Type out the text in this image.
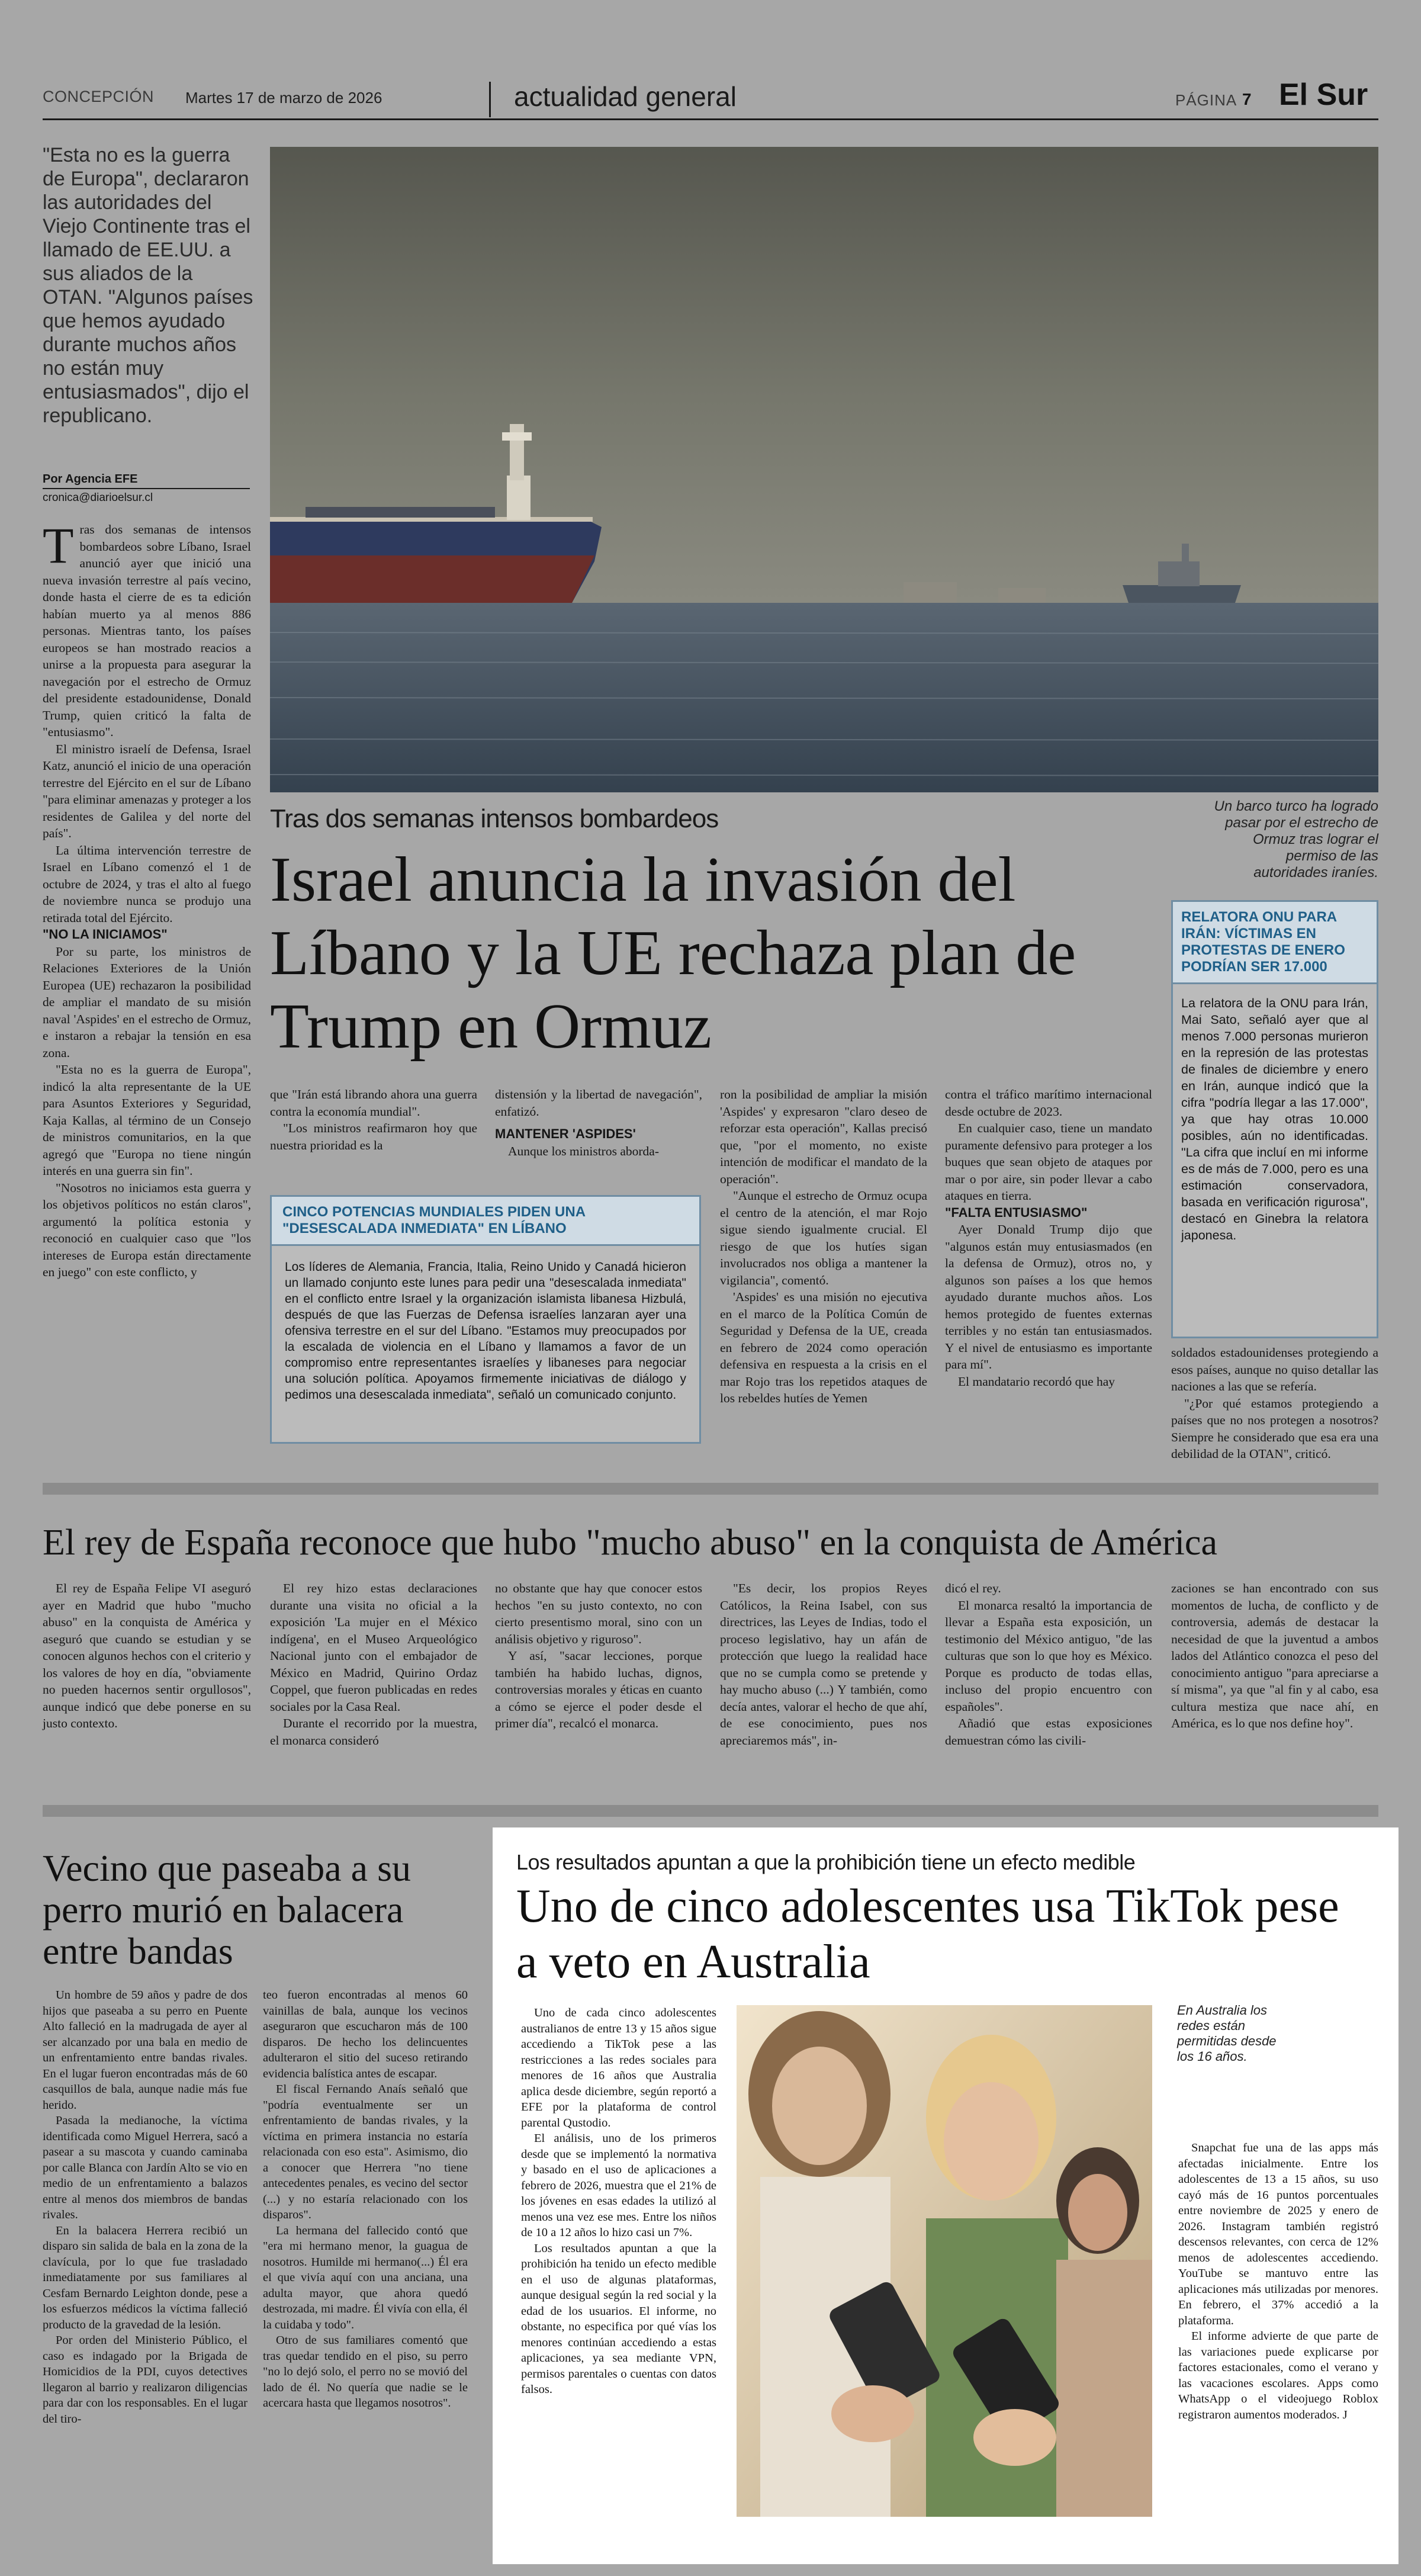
CONCEPCIÓN Martes 17 de marzo de 2026	actualidad general	PÁGINA 7 El Sur
"Esta no es la guerra de Europa", declararon las autoridades del Viejo Continente tras el llamado de EE.UU. a sus aliados de la OTAN. "Algunos países que hemos ayudado durante muchos años no están muy entusiasmados", dijo el republicano.
Por Agencia EFE
cronica@diarioelsur.cl
T ras dos semanas de intensos bombardeos sobre Líbano, Israel anunció ayer que inició una nueva invasión terrestre al país vecino, donde hasta el cierre de es ta edición habían muerto ya al menos 886 personas. Mientras tanto, los países europeos se han mostrado reacios a unirse a la propuesta para asegurar la navegación por el estrecho de Ormuz del presidente estadounidense, Donald Trump, quien criticó la falta de "entusiasmo".

El ministro israelí de Defensa, Israel Katz, anunció el inicio de una operación terrestre del Ejército en el sur de Líbano "para eliminar amenazas y proteger a los residentes de Galilea y del norte del país".

La última intervención terrestre de Israel en Líbano comenzó el 1 de octubre de 2024, y tras el alto al fuego de noviembre nunca se produjo una retirada total del Ejército.

"NO LA INICIAMOS"

Por su parte, los ministros de Relaciones Exteriores de la Unión Europea (UE) rechazaron la posibilidad de ampliar el mandato de su misión naval 'Aspides' en el estrecho de Ormuz, e instaron a rebajar la tensión en esa zona.

"Esta no es la guerra de Europa", indicó la alta representante de la UE para Asuntos Exteriores y Seguridad, Kaja Kallas, al término de un Consejo de ministros comunitarios, en la que agregó que "Europa no tiene ningún interés en una guerra sin fin".

"Nosotros no iniciamos esta guerra y los objetivos políticos no están claros", argumentó la política estonia y reconoció en cualquier caso que "los intereses de Europa están directamente en juego" con este conflicto, y

Un barco turco ha logrado pasar por el estrecho de Ormuz tras lograr el permiso de las autoridades iraníes.
Tras dos semanas intensos bombardeos
Israel anuncia la invasión del Líbano y la UE rechaza plan de Trump en Ormuz
RELATORA ONU PARA IRÁN: VÍCTIMAS EN PROTESTAS DE ENERO PODRÍAN SER 17.000
La relatora de la ONU para Irán, Mai Sato, señaló ayer que al menos 7.000 personas murieron en la represión de las protestas de finales de diciembre y enero en Irán, aunque indicó que la cifra "podría llegar a las 17.000", ya que hay otras 10.000 posibles, aún no identificadas. "La cifra que incluí en mi informe es de más de 7.000, pero es una estimación conservadora, basada en verificación rigurosa", destacó en Ginebra la relatora japonesa.

que "Irán está librando ahora una guerra contra la economía mundial".

"Los ministros reafirmaron hoy que nuestra prioridad es la

distensión y la libertad de navegación", enfatizó.

MANTENER 'ASPIDES'

Aunque los ministros aborda-

ron la posibilidad de ampliar la misión 'Aspides' y expresaron "claro deseo de reforzar esta operación", Kallas precisó que, "por el momento, no existe intención de modificar el mandato de la operación".

"Aunque el estrecho de Ormuz ocupa el centro de la atención, el mar Rojo sigue siendo igualmente crucial. El riesgo de que los hutíes sigan involucrados nos obliga a mantener la vigilancia", comentó.

'Aspides' es una misión no ejecutiva en el marco de la Política Común de Seguridad y Defensa de la UE, creada en febrero de 2024 como operación defensiva en respuesta a la crisis en el mar Rojo tras los repetidos ataques de los rebeldes hutíes de Yemen

contra el tráfico marítimo internacional desde octubre de 2023.

En cualquier caso, tiene un mandato puramente defensivo para proteger a los buques que sean objeto de ataques por mar o por aire, sin poder llevar a cabo ataques en tierra.

"FALTA ENTUSIASMO"

Ayer Donald Trump dijo que "algunos están muy entusiasmados (en la defensa de Ormuz), otros no, y algunos son países a los que hemos ayudado durante muchos años. Los hemos protegido de fuentes externas terribles y no están tan entusiasmados. Y el nivel de entusiasmo es importante para mí".

El mandatario recordó que hay

soldados estadounidenses protegiendo a esos países, aunque no quiso detallar las naciones a las que se refería.

"¿Por qué estamos protegiendo a países que no nos protegen a nosotros? Siempre he considerado que esa era una debilidad de la OTAN", criticó.

CINCO POTENCIAS MUNDIALES PIDEN UNA "DESESCALADA INMEDIATA" EN LÍBANO
Los líderes de Alemania, Francia, Italia, Reino Unido y Canadá hicieron un llamado conjunto este lunes para pedir una "desescalada inmediata" en el conflicto entre Israel y la organización islamista libanesa Hizbulá, después de que las Fuerzas de Defensa israelíes lanzaran ayer una ofensiva terrestre en el sur del Líbano. "Estamos muy preocupados por la escalada de violencia en el Líbano y llamamos a favor de un compromiso entre representantes israelíes y libaneses para negociar una solución política. Apoyamos firmemente iniciativas de diálogo y pedimos una desescalada inmediata", señaló un comunicado conjunto.
El rey de España reconoce que hubo "mucho abuso" en la conquista de América

El rey de España Felipe VI aseguró ayer en Madrid que hubo "mucho abuso" en la conquista de América y aseguró que cuando se estudian y se conocen algunos hechos con el criterio y los valores de hoy en día, "obviamente no pueden hacernos sentir orgullosos", aunque indicó que debe ponerse en su justo contexto.

El rey hizo estas declaraciones durante una visita no oficial a la exposición 'La mujer en el México indígena', en el Museo Arqueológico Nacional junto con el embajador de México en Madrid, Quirino Ordaz Coppel, que fueron publicadas en redes sociales por la Casa Real.

Durante el recorrido por la muestra, el monarca consideró

no obstante que hay que conocer estos hechos "en su justo contexto, no con cierto presentismo moral, sino con un análisis objetivo y riguroso".

Y así, "sacar lecciones, porque también ha habido luchas, dignos, controversias morales y éticas en cuanto a cómo se ejerce el poder desde el primer día", recalcó el monarca.

"Es decir, los propios Reyes Católicos, la Reina Isabel, con sus directrices, las Leyes de Indias, todo el proceso legislativo, hay un afán de protección que luego la realidad hace que no se cumpla como se pretende y hay mucho abuso (...) Y también, como decía antes, valorar el hecho de que ahí, de ese conocimiento, pues nos apreciaremos más", in-

dicó el rey.

El monarca resaltó la importancia de llevar a España esta exposición, un testimonio del México antiguo, "de las culturas que son lo que hoy es México. Porque es producto de todas ellas, incluso del propio encuentro con españoles".

Añadió que estas exposiciones demuestran cómo las civili-

zaciones se han encontrado con sus momentos de lucha, de conflicto y de controversia, además de destacar la necesidad de que la juventud a ambos lados del Atlántico conozca el peso del conocimiento antiguo "para apreciarse a sí misma", ya que "al fin y al cabo, esa cultura mestiza que nace ahí, en América, es lo que nos define hoy".

Vecino que paseaba a su perro murió en balacera entre bandas

Un hombre de 59 años y padre de dos hijos que paseaba a su perro en Puente Alto falleció en la madrugada de ayer al ser alcanzado por una bala en medio de un enfrentamiento entre bandas rivales. En el lugar fueron encontradas más de 60 casquillos de bala, aunque nadie más fue herido.

Pasada la medianoche, la víctima identificada como Miguel Herrera, sacó a pasear a su mascota y cuando caminaba por calle Blanca con Jardín Alto se vio en medio de un enfrentamiento a balazos entre al menos dos miembros de bandas rivales.

En la balacera Herrera recibió un disparo sin salida de bala en la zona de la clavícula, por lo que fue trasladado inmediatamente por sus familiares al Cesfam Bernardo Leighton donde, pese a los esfuerzos médicos la víctima falleció producto de la gravedad de la lesión.

Por orden del Ministerio Público, el caso es indagado por la Brigada de Homicidios de la PDI, cuyos detectives llegaron al barrio y realizaron diligencias para dar con los responsables. En el lugar del tiro-

teo fueron encontradas al menos 60 vainillas de bala, aunque los vecinos aseguraron que escucharon más de 100 disparos. De hecho los delincuentes adulteraron el sitio del suceso retirando evidencia balística antes de escapar.

El fiscal Fernando Anaís señaló que "podría eventualmente ser un enfrentamiento de bandas rivales, y la víctima en primera instancia no estaría relacionada con eso esta". Asimismo, dio a conocer que Herrera "no tiene antecedentes penales, es vecino del sector (...) y no estaría relacionado con los disparos".

La hermana del fallecido contó que "era mi hermano menor, la guagua de nosotros. Humilde mi hermano(...) Él era el que vivía aquí con una anciana, una adulta mayor, que ahora quedó destrozada, mi madre. Él vivía con ella, él la cuidaba y todo".

Otro de sus familiares comentó que tras quedar tendido en el piso, su perro "no lo dejó solo, el perro no se movió del lado de él. No quería que nadie se le acercara hasta que llegamos nosotros".

Los resultados apuntan a que la prohibición tiene un efecto medible
Uno de cinco adolescentes usa TikTok pese a veto en Australia

Uno de cada cinco adolescentes australianos de entre 13 y 15 años sigue accediendo a TikTok pese a las restricciones a las redes sociales para menores de 16 años que Australia aplica desde diciembre, según reportó a EFE por la plataforma de control parental Qustodio.

El análisis, uno de los primeros desde que se implementó la normativa y basado en el uso de aplicaciones a febrero de 2026, muestra que el 21% de los jóvenes en esas edades la utilizó al menos una vez ese mes. Entre los niños de 10 a 12 años lo hizo casi un 7%.

Los resultados apuntan a que la prohibición ha tenido un efecto medible en el uso de algunas plataformas, aunque desigual según la red social y la edad de los usuarios. El informe, no obstante, no especifica por qué vías los menores continúan accediendo a estas aplicaciones, ya sea mediante VPN, permisos parentales o cuentas con datos falsos.

En Australia los redes están permitidas desde los 16 años.

Snapchat fue una de las apps más afectadas inicialmente. Entre los adolescentes de 13 a 15 años, su uso cayó más de 16 puntos porcentuales entre noviembre de 2025 y enero de 2026. Instagram también registró descensos relevantes, con cerca de 12% menos de adolescentes accediendo. YouTube se mantuvo entre las aplicaciones más utilizadas por menores. En febrero, el 37% accedió a la plataforma.

El informe advierte de que parte de las variaciones puede explicarse por factores estacionales, como el verano y las vacaciones escolares. Apps como WhatsApp o el videojuego Roblox registraron aumentos moderados. J
